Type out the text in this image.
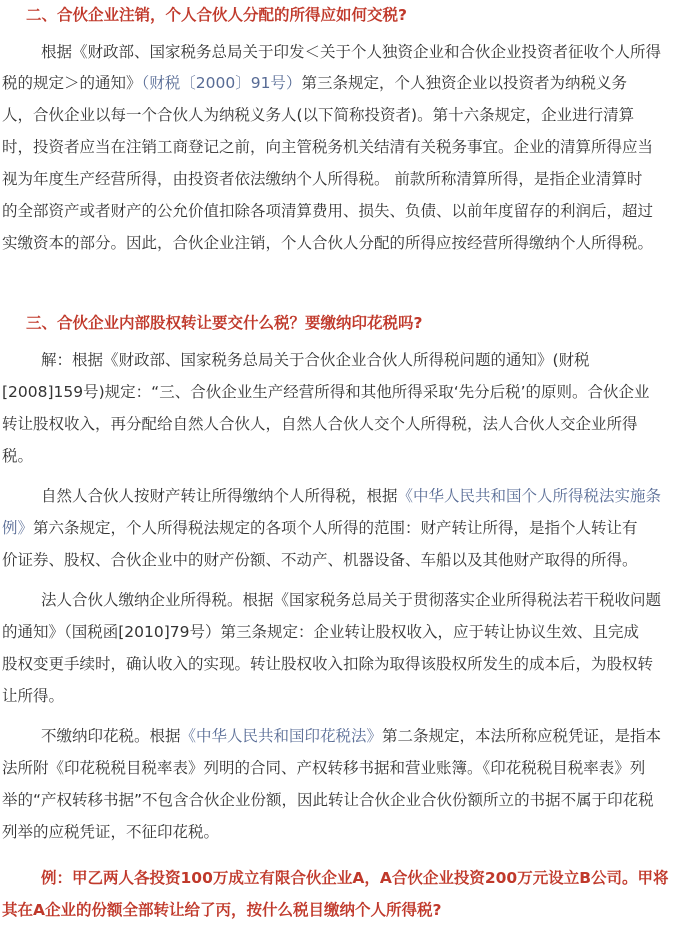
二、合伙企业注销，个人合伙人分配的所得应如何交税?
根据《财政部、国家税务总局关于印发＜关于个人独资企业和合伙企业投资者征收个人所得
税的规定＞的通知》（财税〔2000〕91号）第三条规定，个人独资企业以投资者为纳税义务
人，合伙企业以每一个合伙人为纳税义务人(以下简称投资者)。第十六条规定，企业进行清算
时，投资者应当在注销工商登记之前，向主管税务机关结清有关税务事宜。企业的清算所得应当
视为年度生产经营所得，由投资者依法缴纳个人所得税。 前款所称清算所得，是指企业清算时
的全部资产或者财产的公允价值扣除各项清算费用、损失、负债、以前年度留存的利润后，超过
实缴资本的部分。因此，合伙企业注销，个人合伙人分配的所得应按经营所得缴纳个人所得税。
三、合伙企业内部股权转让要交什么税？要缴纳印花税吗?
解：根据《财政部、国家税务总局关于合伙企业合伙人所得税问题的通知》(财税
[2008]159号)规定：“三、合伙企业生产经营所得和其他所得采取‘先分后税’的原则。合伙企业
转让股权收入，再分配给自然人合伙人，自然人合伙人交个人所得税，法人合伙人交企业所得
税。
自然人合伙人按财产转让所得缴纳个人所得税，根据《中华人民共和国个人所得税法实施条
例》第六条规定，个人所得税法规定的各项个人所得的范围：财产转让所得，是指个人转让有
价证券、股权、合伙企业中的财产份额、不动产、机器设备、车船以及其他财产取得的所得。
法人合伙人缴纳企业所得税。根据《国家税务总局关于贯彻落实企业所得税法若干税收问题
的通知》（国税函[2010]79号）第三条规定：企业转让股权收入，应于转让协议生效、且完成
股权变更手续时，确认收入的实现。转让股权收入扣除为取得该股权所发生的成本后，为股权转
让所得。
不缴纳印花税。根据《中华人民共和国印花税法》第二条规定，本法所称应税凭证，是指本
法所附《印花税税目税率表》列明的合同、产权转移书据和营业账簿。《印花税税目税率表》列
举的“产权转移书据”不包含合伙企业份额，因此转让合伙企业合伙份额所立的书据不属于印花税
列举的应税凭证，不征印花税。
例：甲乙两人各投资100万成立有限合伙企业A，A合伙企业投资200万元设立B公司。甲将
其在A企业的份额全部转让给了丙，按什么税目缴纳个人所得税?
